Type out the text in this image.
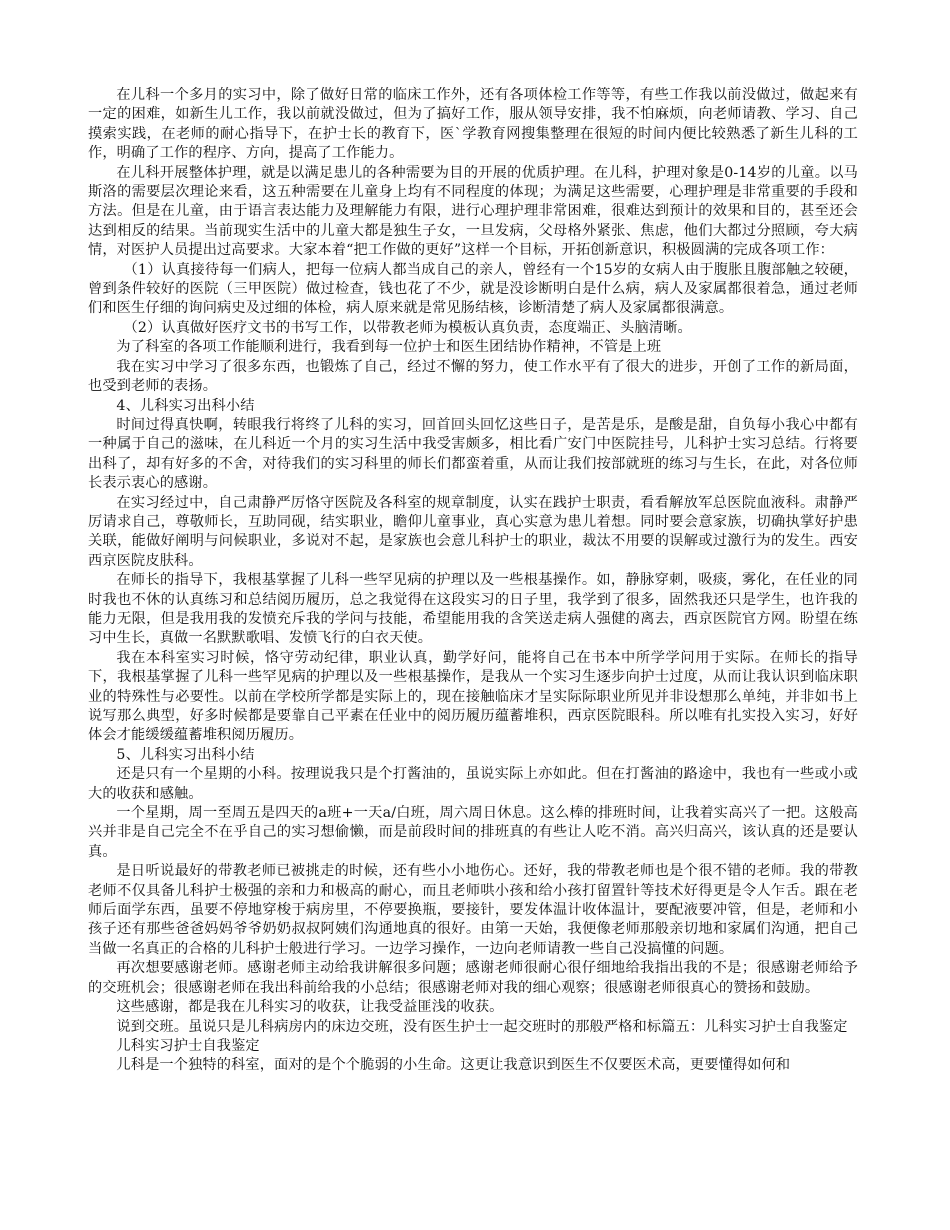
在儿科一个多月的实习中，除了做好日常的临床工作外，还有各项体检工作等等，有些工作我以前没做过，做起来有一定的困难，如新生儿工作，我以前就没做过，但为了搞好工作，服从领导安排，我不怕麻烦，向老师请教、学习、自己摸索实践，在老师的耐心指导下，在护士长的教育下，医`学教育网搜集整理在很短的时间内便比较熟悉了新生儿科的工作，明确了工作的程序、方向，提高了工作能力。

在儿科开展整体护理，就是以满足患儿的各种需要为目的开展的优质护理。在儿科，护理对象是0-14岁的儿童。以马斯洛的需要层次理论来看，这五种需要在儿童身上均有不同程度的体现；为满足这些需要，心理护理是非常重要的手段和方法。但是在儿童，由于语言表达能力及理解能力有限，进行心理护理非常困难，很难达到预计的效果和目的，甚至还会达到相反的结果。当前现实生活中的儿童大都是独生子女，一旦发病，父母格外紧张、焦虑，他们大都过分照顾，夸大病情，对医护人员提出过高要求。大家本着“把工作做的更好”这样一个目标，开拓创新意识，积极圆满的完成各项工作：

（1）认真接待每一们病人，把每一位病人都当成自己的亲人，曾经有一个15岁的女病人由于腹胀且腹部触之较硬，曾到条件较好的医院（三甲医院）做过检查，钱也花了不少，就是没诊断明白是什么病，病人及家属都很着急，通过老师们和医生仔细的询问病史及过细的体检，病人原来就是常见肠结核，诊断清楚了病人及家属都很满意。

（2）认真做好医疗文书的书写工作，以带教老师为模板认真负责，态度端正、头脑清晰。

为了科室的各项工作能顺利进行，我看到每一位护士和医生团结协作精神，不管是上班

我在实习中学习了很多东西，也锻炼了自己，经过不懈的努力，使工作水平有了很大的进步，开创了工作的新局面，也受到老师的表扬。

4、儿科实习出科小结

时间过得真快啊，转眼我行将终了儿科的实习，回首回头回忆这些日子，是苦是乐，是酸是甜，自负每小我心中都有一种属于自己的滋味，在儿科近一个月的实习生活中我受害颇多，相比看广安门中医院挂号，儿科护士实习总结。行将要出科了，却有好多的不舍，对待我们的实习科里的师长们都蛮着重，从而让我们按部就班的练习与生长，在此，对各位师长表示衷心的感谢。

在实习经过中，自己肃静严厉恪守医院及各科室的规章制度，认实在践护士职责，看看解放军总医院血液科。肃静严厉请求自己，尊敬师长，互助同砚，结实职业，瞻仰儿童事业，真心实意为患儿着想。同时要会意家族，切确执掌好护患关联，能做好阐明与问候职业，多说对不起，是家族也会意儿科护士的职业，裁汰不用要的误解或过激行为的发生。西安西京医院皮肤科。

在师长的指导下，我根基掌握了儿科一些罕见病的护理以及一些根基操作。如，静脉穿刺，吸痰，雾化，在任业的同时我也不休的认真练习和总结阅历履历，总之我觉得在这段实习的日子里，我学到了很多，固然我还只是学生，也许我的能力无限，但是我用我的发愤充斥我的学问与技能，希望能用我的含笑送走病人强健的离去，西京医院官方网。盼望在练习中生长，真做一名默默歌唱、发愤飞行的白衣天使。

我在本科室实习时候，恪守劳动纪律，职业认真，勤学好问，能将自己在书本中所学学问用于实际。在师长的指导下，我根基掌握了儿科一些罕见病的护理以及一些根基操作，是我从一个实习生逐步向护士过度，从而让我认识到临床职业的特殊性与必要性。以前在学校所学都是实际上的，现在接触临床才呈实际际职业所见并非设想那么单纯，并非如书上说写那么典型，好多时候都是要靠自己平素在任业中的阅历履历蕴蓄堆积，西京医院眼科。所以唯有扎实投入实习，好好体会才能缓缓蕴蓄堆积阅历履历。

5、儿科实习出科小结

还是只有一个星期的小科。按理说我只是个打酱油的，虽说实际上亦如此。但在打酱油的路途中，我也有一些或小或大的收获和感触。

一个星期，周一至周五是四天的a班+一天a/白班，周六周日休息。这么棒的排班时间，让我着实高兴了一把。这般高兴并非是自己完全不在乎自己的实习想偷懒，而是前段时间的排班真的有些让人吃不消。高兴归高兴，该认真的还是要认真。

是日听说最好的带教老师已被挑走的时候，还有些小小地伤心。还好，我的带教老师也是个很不错的老师。我的带教老师不仅具备儿科护士极强的亲和力和极高的耐心，而且老师哄小孩和给小孩打留置针等技术好得更是令人乍舌。跟在老师后面学东西，虽要不停地穿梭于病房里，不停要换瓶，要接针，要发体温计收体温计，要配液要冲管，但是，老师和小孩子还有那些爸爸妈妈爷爷奶奶叔叔阿姨们沟通地真的很好。由第一天始，我便像老师那般亲切地和家属们沟通，把自己当做一名真正的合格的儿科护士般进行学习。一边学习操作，一边向老师请教一些自己没搞懂的问题。

再次想要感谢老师。感谢老师主动给我讲解很多问题；感谢老师很耐心很仔细地给我指出我的不是；很感谢老师给予的交班机会；很感谢老师在我出科前给我的小总结；很感谢老师对我的细心观察；很感谢老师很真心的赞扬和鼓励。

这些感谢，都是我在儿科实习的收获，让我受益匪浅的收获。

说到交班。虽说只是儿科病房内的床边交班，没有医生护士一起交班时的那般严格和标篇五：儿科实习护士自我鉴定

儿科实习护士自我鉴定

儿科是一个独特的科室，面对的是个个脆弱的小生命。这更让我意识到医生不仅要医术高，更要懂得如何和
